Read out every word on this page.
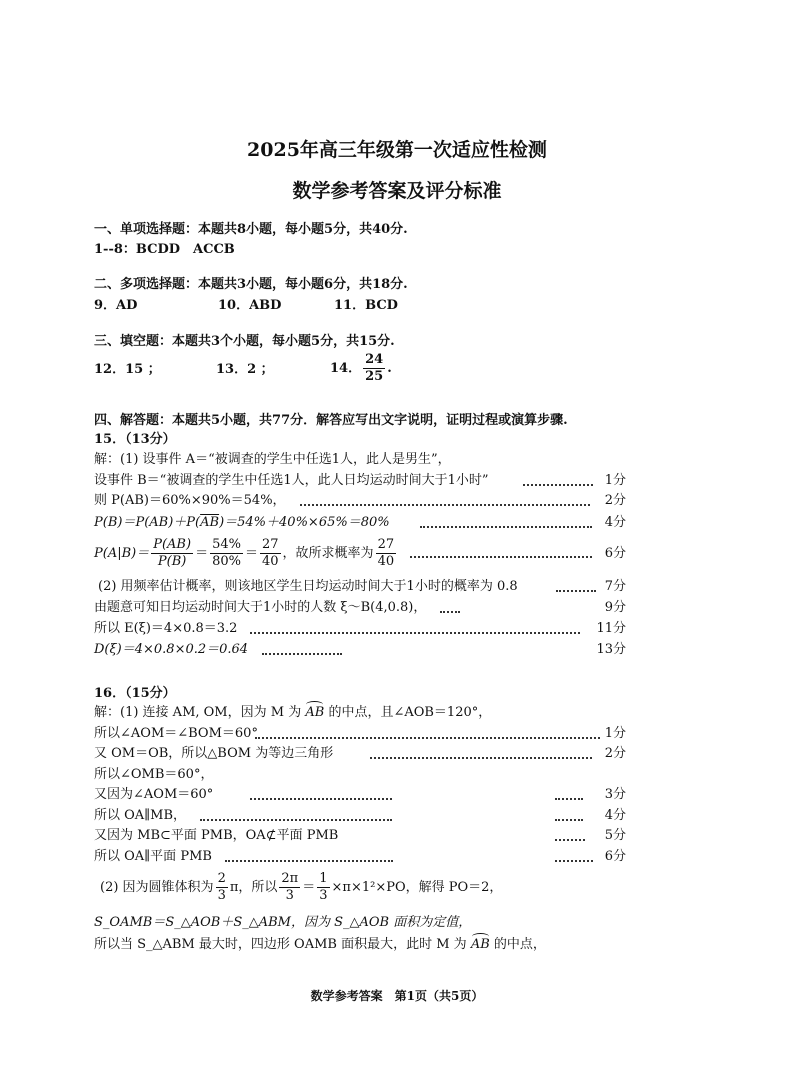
2025年高三年级第一次适应性检测
数学参考答案及评分标准
一、单项选择题：本题共8小题，每小题5分，共40分.
1--8：BCDD　ACCB
二、多项选择题：本题共3小题，每小题6分，共18分.
9．AD	10．ABD	11．BCD
三、填空题：本题共3个小题，每小题5分，共15分.
12．15 ；	13．2 ；	14． $\frac{24}{25}$ .
四、解答题：本题共5小题，共77分．解答应写出文字说明，证明过程或演算步骤.
15．（13分）
解：(1) 设事件 A＝“被调查的学生中任选1人，此人是男生”，
设事件 B＝“被调查的学生中任选1人，此人日均运动时间大于1小时”	1分
则 P(AB)＝60%×90%＝54%，	2分
$P(B)=P(AB)+P(\overline{AB})=54\%+40\%\times 65\%=80\%$	4分
$P(A|B)= \frac{P(AB)}{P(B)} = \frac{54\%}{80\%} = \frac{27}{40}$ ，故所求概率为 $\frac{27}{40}$	6分
(2) 用频率估计概率，则该地区学生日均运动时间大于1小时的概率为 0.8	7分
由题意可知日均运动时间大于1小时的人数 ξ～B(4,0.8)，	9分
所以 E(ξ)＝4×0.8＝3.2	11分
D(ξ)＝4×0.8×0.2＝0.64	13分
16．（15分）
解：(1) 连接 AM, OM，因为 M 为 AB 的中点，且∠AOB＝120°，
所以∠AOM＝∠BOM＝60°	1分
又 OM＝OB，所以△BOM 为等边三角形	2分
所以∠OMB＝60°，
又因为∠AOM＝60°	3分
所以 OA∥MB，	4分
又因为 MB⊂平面 PMB，OA⊄平面 PMB	5分
所以 OA∥平面 PMB	6分
(2) 因为圆锥体积为 $\frac{2}{3}$ π，所以 $\frac{2\pi}{3} = \frac{1}{3} \times\pi\times 1^2\times PO$，解得 PO＝2，
S_OAMB＝S_△AOB＋S_△ABM，因为 S_△AOB 面积为定值，
所以当 S_△ABM 最大时，四边形 OAMB 面积最大，此时 M 为 AB 的中点，
数学参考答案　第1页（共5页）
